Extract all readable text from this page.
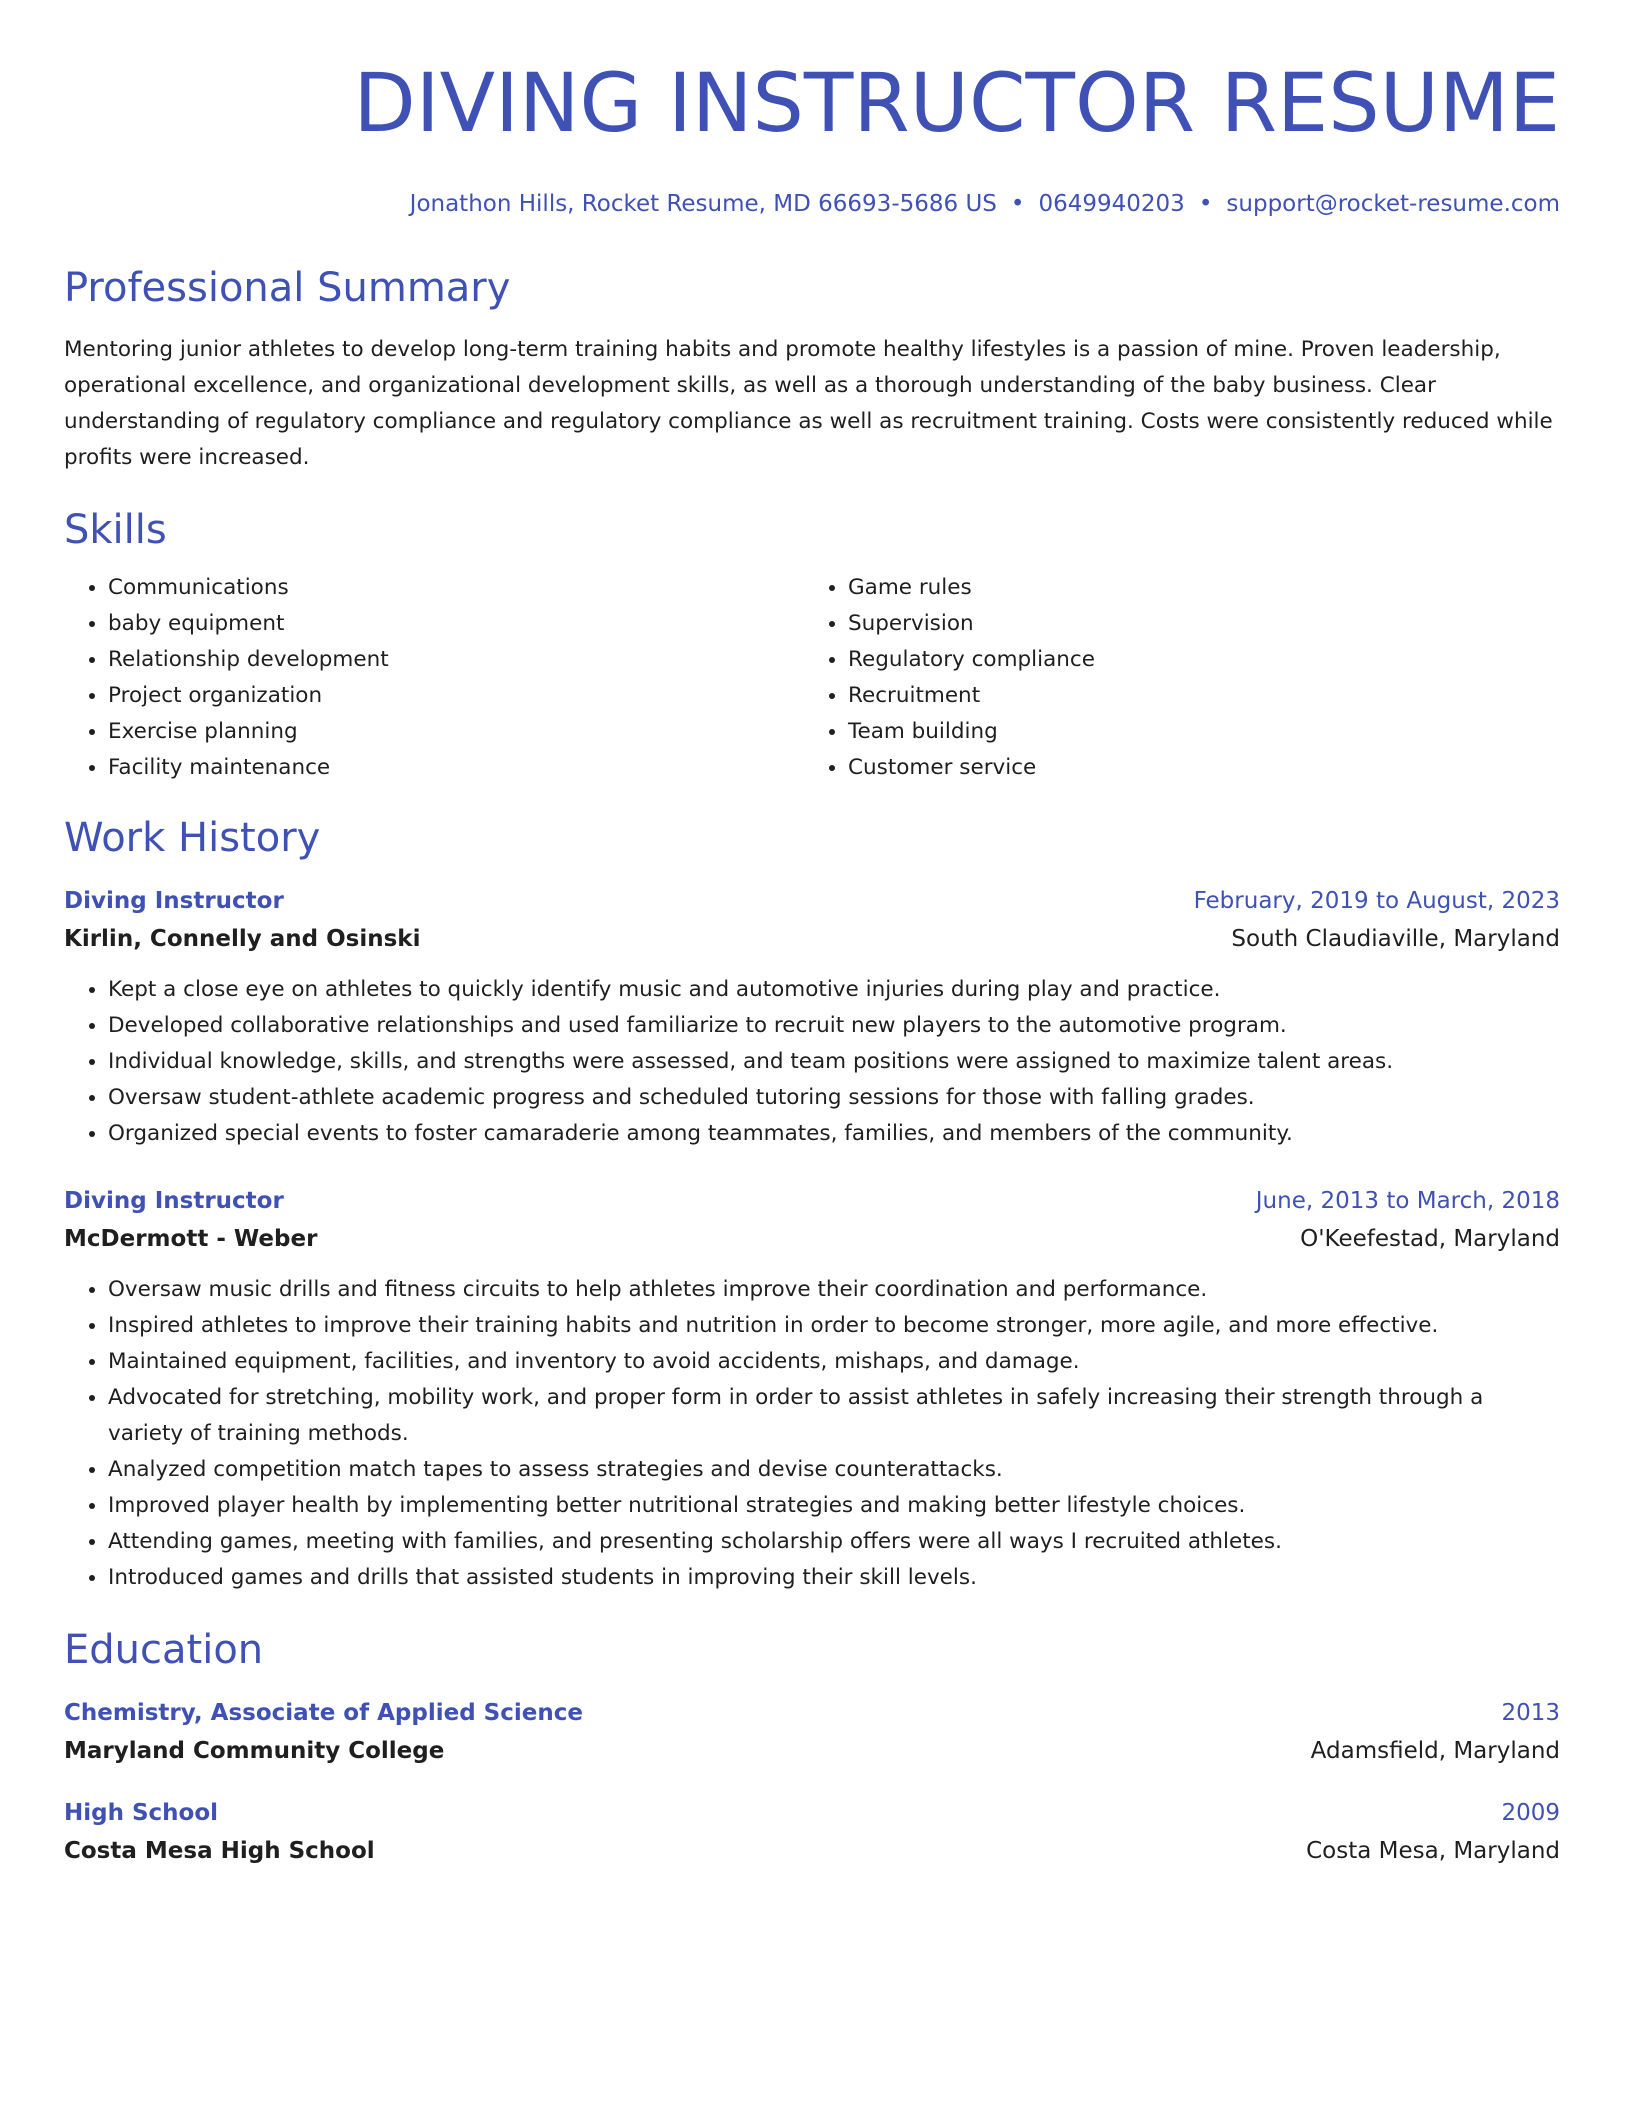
DIVING INSTRUCTOR RESUME
Jonathon Hills, Rocket Resume, MD 66693-5686 US • 0649940203 • support@rocket-resume.com
Professional Summary
Mentoring junior athletes to develop long-term training habits and promote healthy lifestyles is a passion of mine. Proven leadership, operational excellence, and organizational development skills, as well as a thorough understanding of the baby business. Clear understanding of regulatory compliance and regulatory compliance as well as recruitment training. Costs were consistently reduced while profits were increased.
Skills
• Communications
• baby equipment
• Relationship development
• Project organization
• Exercise planning
• Facility maintenance
• Game rules
• Supervision
• Regulatory compliance
• Recruitment
• Team building
• Customer service
Work History
Diving Instructor	February, 2019 to August, 2023
Kirlin, Connelly and Osinski	South Claudiaville, Maryland
• Kept a close eye on athletes to quickly identify music and automotive injuries during play and practice.
• Developed collaborative relationships and used familiarize to recruit new players to the automotive program.
• Individual knowledge, skills, and strengths were assessed, and team positions were assigned to maximize talent areas.
• Oversaw student-athlete academic progress and scheduled tutoring sessions for those with falling grades.
• Organized special events to foster camaraderie among teammates, families, and members of the community.
Diving Instructor	June, 2013 to March, 2018
McDermott - Weber	O'Keefestad, Maryland
• Oversaw music drills and fitness circuits to help athletes improve their coordination and performance.
• Inspired athletes to improve their training habits and nutrition in order to become stronger, more agile, and more effective.
• Maintained equipment, facilities, and inventory to avoid accidents, mishaps, and damage.
• Advocated for stretching, mobility work, and proper form in order to assist athletes in safely increasing their strength through a variety of training methods.
• Analyzed competition match tapes to assess strategies and devise counterattacks.
• Improved player health by implementing better nutritional strategies and making better lifestyle choices.
• Attending games, meeting with families, and presenting scholarship offers were all ways I recruited athletes.
• Introduced games and drills that assisted students in improving their skill levels.
Education
Chemistry, Associate of Applied Science	2013
Maryland Community College	Adamsfield, Maryland
High School	2009
Costa Mesa High School	Costa Mesa, Maryland
